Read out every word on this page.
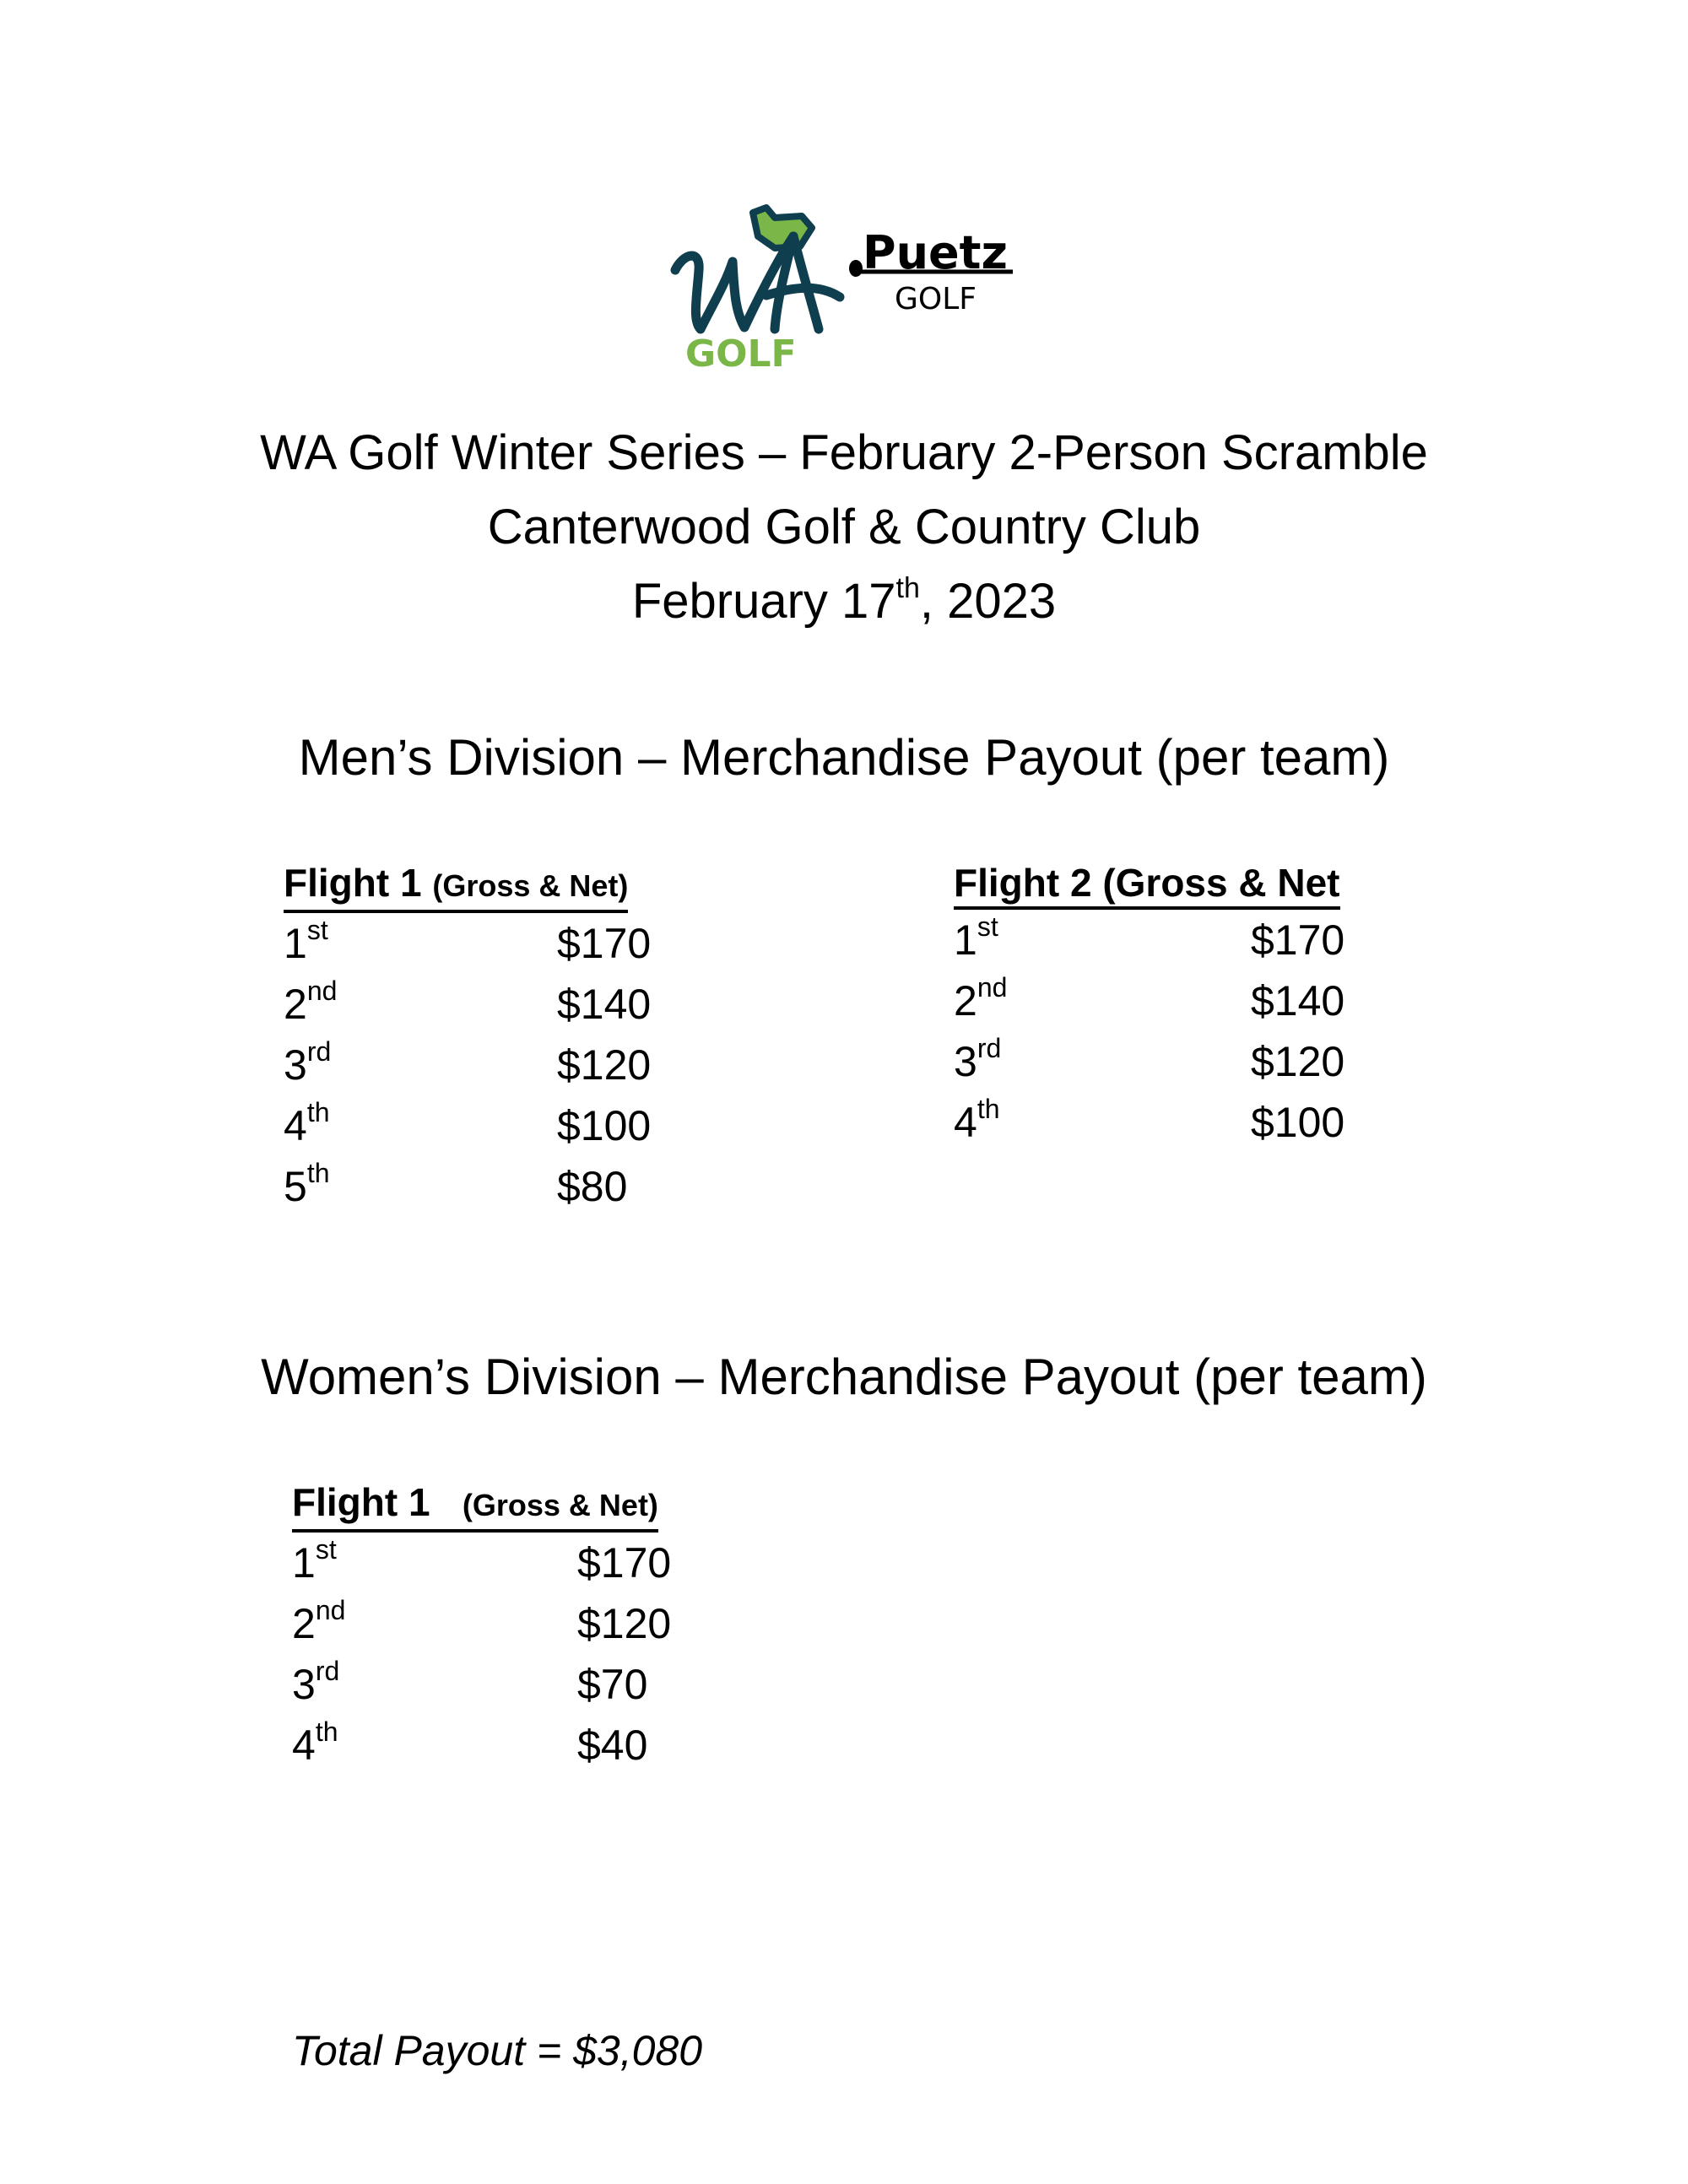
GOLF
Puetz
GOLF
WA Golf Winter Series – February 2-Person Scramble
Canterwood Golf & Country Club
February 17th, 2023
Men’s Division – Merchandise Payout (per team)
Flight 1 (Gross & Net)
1st	$170
2nd	$140
3rd	$120
4th	$100
5th	$80
Flight 2 (Gross & Net
1st	$170
2nd	$140
3rd	$120
4th	$100
Women’s Division – Merchandise Payout (per team)
Flight 1 (Gross & Net)
1st	$170
2nd	$120
3rd	$70
4th	$40
Total Payout = $3,080
